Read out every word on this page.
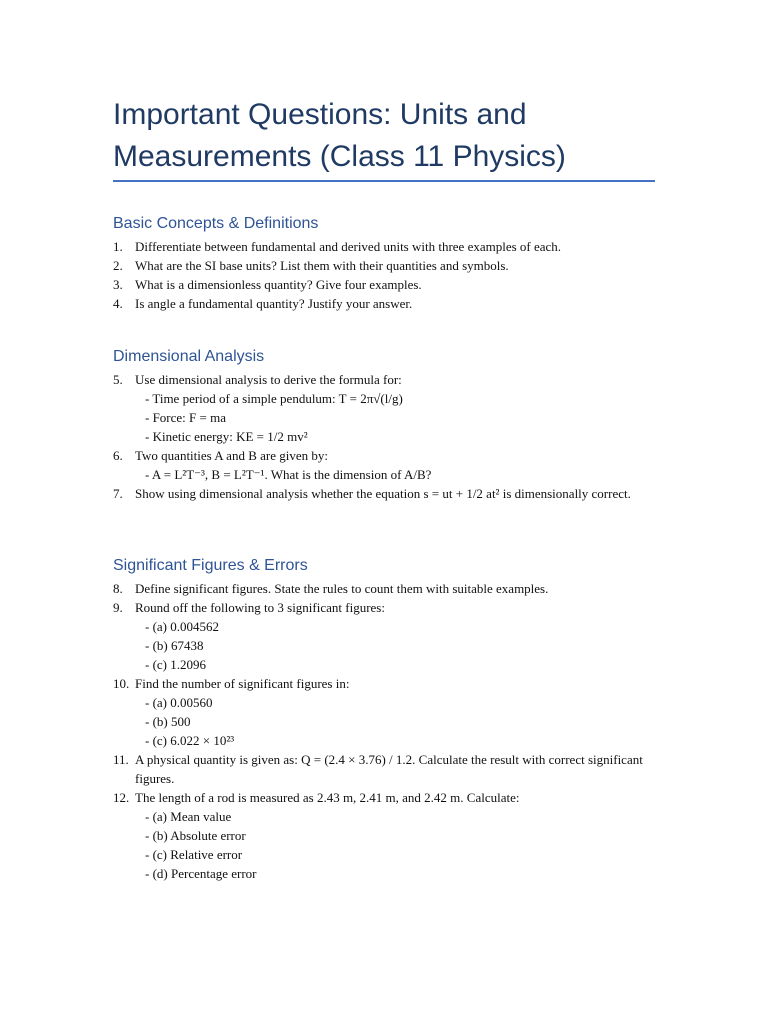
Important Questions: Units and Measurements (Class 11 Physics)
Basic Concepts & Definitions
1. Differentiate between fundamental and derived units with three examples of each.
2. What are the SI base units? List them with their quantities and symbols.
3. What is a dimensionless quantity? Give four examples.
4. Is angle a fundamental quantity? Justify your answer.
Dimensional Analysis
5. Use dimensional analysis to derive the formula for:
- Time period of a simple pendulum: T = 2π√(l/g)
- Force: F = ma
- Kinetic energy: KE = 1/2 mv²
6. Two quantities A and B are given by:
- A = L²T⁻³, B = L²T⁻¹. What is the dimension of A/B?
7. Show using dimensional analysis whether the equation s = ut + 1/2 at² is dimensionally correct.
Significant Figures & Errors
8. Define significant figures. State the rules to count them with suitable examples.
9. Round off the following to 3 significant figures:
- (a) 0.004562
- (b) 67438
- (c) 1.2096
10. Find the number of significant figures in:
- (a) 0.00560
- (b) 500
- (c) 6.022 × 10²³
11. A physical quantity is given as: Q = (2.4 × 3.76) / 1.2. Calculate the result with correct significant figures.
12. The length of a rod is measured as 2.43 m, 2.41 m, and 2.42 m. Calculate:
- (a) Mean value
- (b) Absolute error
- (c) Relative error
- (d) Percentage error
